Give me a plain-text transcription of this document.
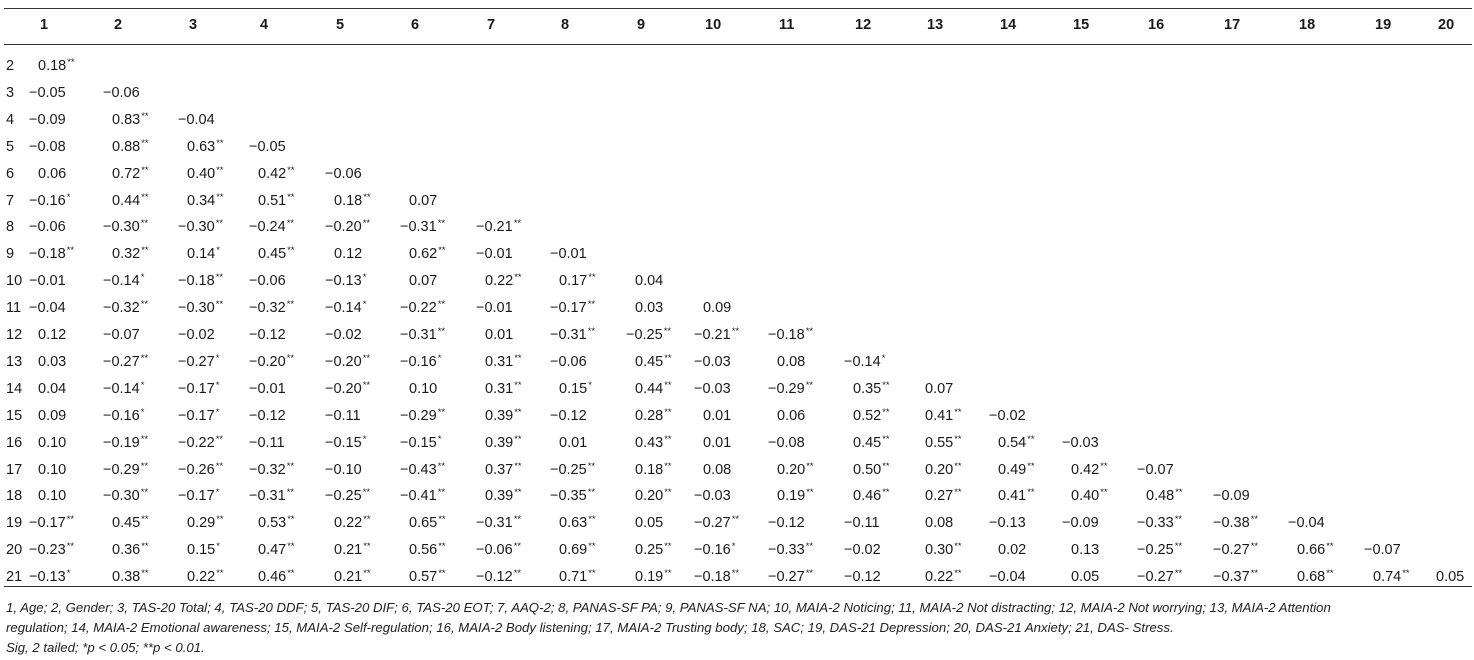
1	2	3	4	5	6	7	8	9	10	11	12	13	14	15	16	17	18	19	20
2 0.18**
3 −0.05	−0.06
4 −0.09	0.83** −0.04
5 −0.08	0.88**	0.63** −0.05
6 0.06	0.72**	0.40** 0.42** −0.06
7 −0.16*	0.44**	0.34** 0.51**	0.18**	0.07
8 −0.06	−0.30** −0.30** −0.24** −0.20** −0.31** −0.21**
9 −0.18**	0.32**	0.14*	0.45**	0.12	0.62** −0.01	−0.01
10 −0.01	−0.14* −0.18** −0.06	−0.13*	0.07	0.22**	0.17**	0.04
11 −0.04	−0.32** −0.30** −0.32** −0.14* −0.22** −0.01	−0.17**	0.03	0.09
12 0.12	−0.07	−0.02 −0.12	−0.02	−0.31**	0.01	−0.31** −0.25** −0.21** −0.18**
13 0.03	−0.27** −0.27* −0.20** −0.20** −0.16*	0.31** −0.06	0.45** −0.03	0.08	−0.14*
14 0.04	−0.14* −0.17* −0.01	−0.20**	0.10	0.31**	0.15*	0.44** −0.03	−0.29**	0.35** 0.07
15 0.09	−0.16* −0.17* −0.12	−0.11	−0.29**	0.39** −0.12	0.28** 0.01	0.06	0.52** 0.41** −0.02
16 0.10	−0.19** −0.22** −0.11	−0.15* −0.15*	0.39**	0.01	0.43** 0.01	−0.08	0.45** 0.55**	0.54** −0.03
17 0.10	−0.29** −0.26** −0.32** −0.10	−0.43**	0.37** −0.25**	0.18** 0.08	0.20**	0.50** 0.20**	0.49**	0.42** −0.07
18 0.10	−0.30** −0.17* −0.31** −0.25** −0.41**	0.39** −0.35**	0.20** −0.03	0.19**	0.46** 0.27**	0.41**	0.40**	0.48** −0.09
19 −0.17**	0.45**	0.29** 0.53**	0.22**	0.65** −0.31**	0.63**	0.05 −0.27** −0.12	−0.11	0.08 −0.13	−0.09	−0.33** −0.38** −0.04
20 −0.23**	0.36**	0.15*	0.47**	0.21**	0.56** −0.06**	0.69**	0.25** −0.16* −0.33** −0.02	0.30**	0.02	0.13	−0.25** −0.27**	0.66** −0.07
21 −0.13*	0.38**	0.22** 0.46**	0.21**	0.57** −0.12**	0.71**	0.19** −0.18** −0.27** −0.12	0.22** −0.04	0.05	−0.27** −0.37**	0.68**	0.74** 0.05

1, Age; 2, Gender; 3, TAS-20 Total; 4, TAS-20 DDF; 5, TAS-20 DIF; 6, TAS-20 EOT; 7, AAQ-2; 8, PANAS-SF PA; 9, PANAS-SF NA; 10, MAIA-2 Noticing; 11, MAIA-2 Not distracting; 12, MAIA-2 Not worrying; 13, MAIA-2 Attention

regulation; 14, MAIA-2 Emotional awareness; 15, MAIA-2 Self-regulation; 16, MAIA-2 Body listening; 17, MAIA-2 Trusting body; 18, SAC; 19, DAS-21 Depression; 20, DAS-21 Anxiety; 21, DAS- Stress.

Sig, 2 tailed; *p < 0.05; **p < 0.01.
